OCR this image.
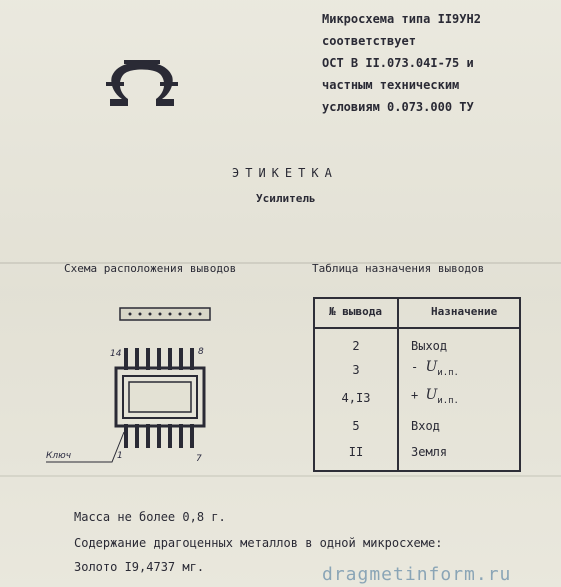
Микросхема типа II9УН2
соответствует
ОСТ В II.073.04I-75 и
частным техническим
условиям 0.073.000 ТУ
ЭТИКЕТКА
Усилитель
Схема расположения выводов	Таблица назначения выводов
14	8
1	7
Ключ
№ вывода	Назначение
2	Выход
3	- $U_{и.п.}$
4,I3	+ $U_{и.п.}$
5	Вход
II	Земля
Масса не более 0,8 г.
Содержание драгоценных металлов в одной микросхеме:
Золото I9,4737 мг.	dragmetinform.ru
